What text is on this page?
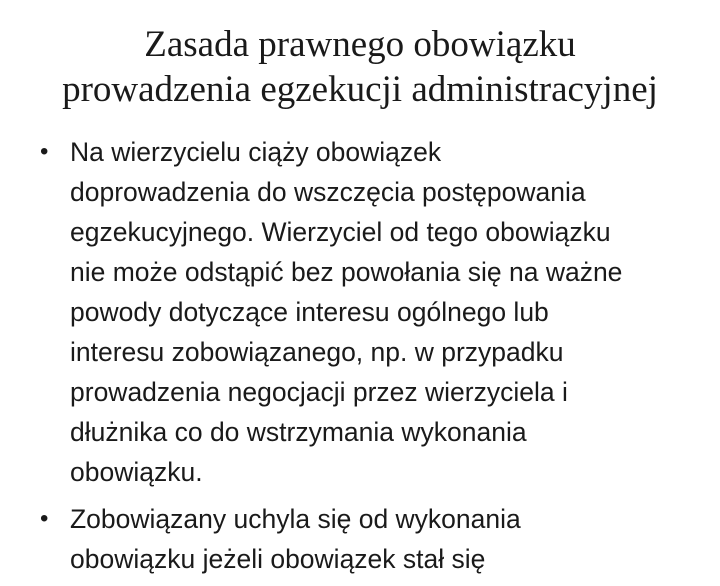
Zasada prawnego obowiązku
prowadzenia egzekucji administracyjnej
• Na wierzycielu ciąży obowiązek
doprowadzenia do wszczęcia postępowania
egzekucyjnego. Wierzyciel od tego obowiązku
nie może odstąpić bez powołania się na ważne
powody dotyczące interesu ogólnego lub
interesu zobowiązanego, np. w przypadku
prowadzenia negocjacji przez wierzyciela i
dłużnika co do wstrzymania wykonania
obowiązku.
• Zobowiązany uchyla się od wykonania
obowiązku jeżeli obowiązek stał się
